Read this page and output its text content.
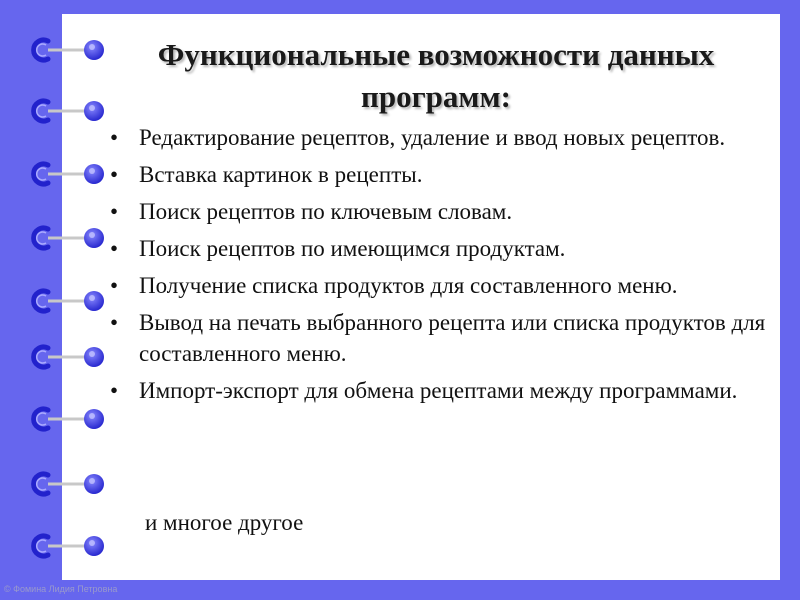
Функциональные возможности данных программ:
• Редактирование рецептов, удаление и ввод новых рецептов.
• Вставка картинок в рецепты.
• Поиск рецептов по ключевым словам.
• Поиск рецептов по имеющимся продуктам.
• Получение списка продуктов для составленного меню.
• Вывод на печать выбранного рецепта или списка продуктов для составленного меню.
• Импорт-экспорт для обмена рецептами между программами.
и многое другое
© Фомина Лидия Петровна
